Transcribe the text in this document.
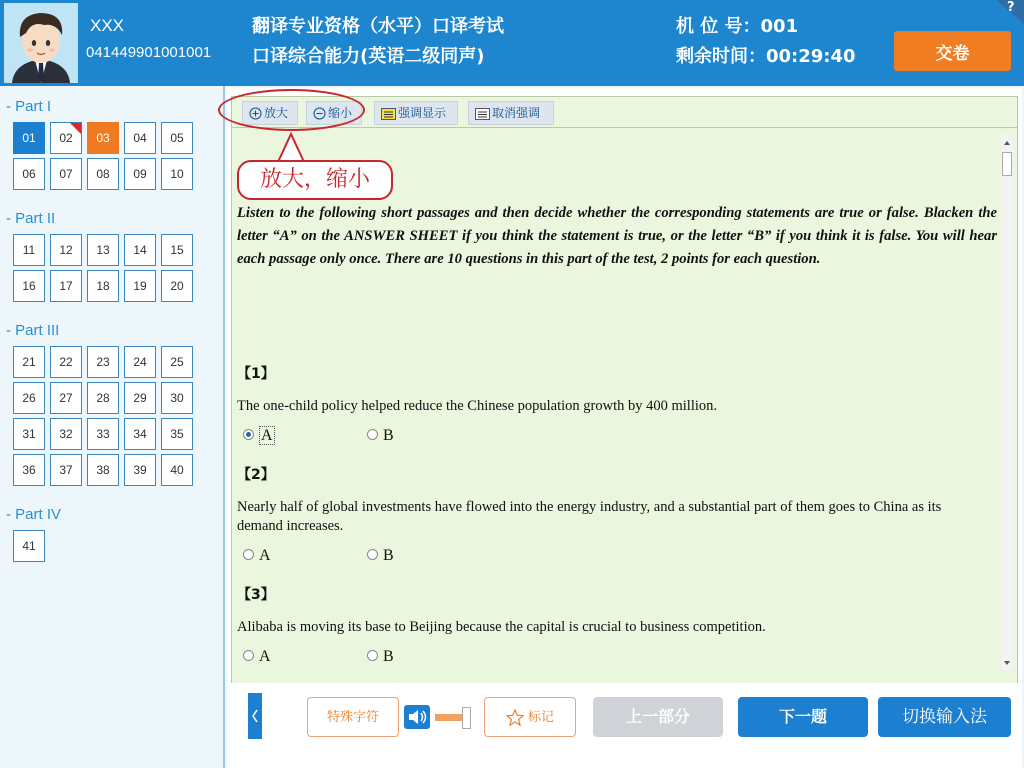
XXX
041449901001001
翻译专业资格（水平）口译考试
口译综合能力(英语二级同声)
机 位 号：001
剩余时间：00:29:40	交卷
?
- Part I
01	02	03	04	05
06	07	08	09	10
- Part II
11	12	13	14	15
16	17	18	19	20
- Part III
21	22	23	24	25
26	27	28	29	30
31	32	33	34	35
36	37	38	39	40
- Part IV
41
放大	缩小	强调显示	取消强调
Listen to the following short passages and then decide whether the corresponding statements are true or false. Blacken the letter “A” on the ANSWER SHEET if you think the statement is true, or the letter “B” if you think it is false. You will hear each passage only once. There are 10 questions in this part of the test, 2 points for each question.
【1】
The one-child policy helped reduce the Chinese population growth by 400 million.
A	B
【2】
Nearly half of global investments have flowed into the energy industry, and a substantial part of them goes to China as its demand increases.
A	B
【3】
Alibaba is moving its base to Beijing because the capital is crucial to business competition.
A	B
放大，缩小
特殊字符	标记	上一部分	下一题	切换输入法
